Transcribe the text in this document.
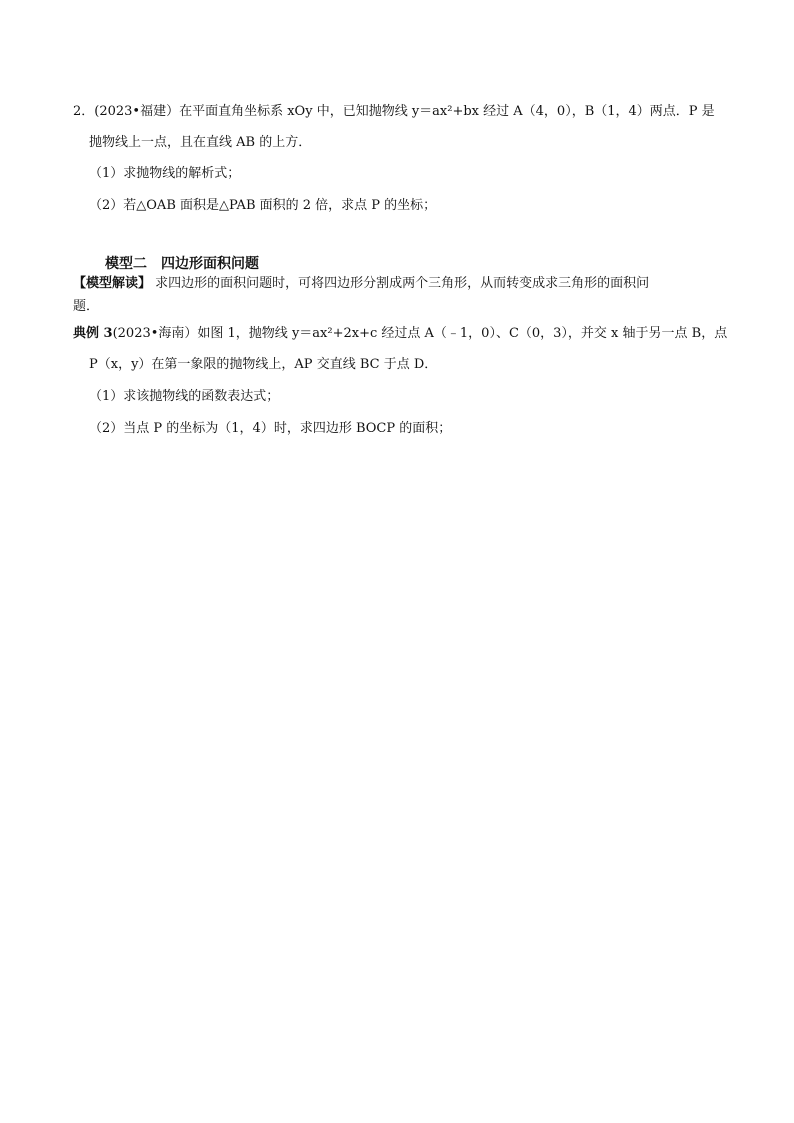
2．(2023•福建）在平面直角坐标系 xOy 中，已知抛物线 y＝ax²+bx 经过 A（4，0），B（1，4）两点．P 是
抛物线上一点，且在直线 AB 的上方．
（1）求抛物线的解析式；
（2）若△OAB 面积是△PAB 面积的 2 倍，求点 P 的坐标；
模型二　四边形面积问题
【模型解读】 求四边形的面积问题时，可将四边形分割成两个三角形，从而转变成求三角形的面积问
题．
典例 3(2023•海南）如图 1，抛物线 y＝ax²+2x+c 经过点 A（﹣1，0）、C（0，3），并交 x 轴于另一点 B，点
P（x，y）在第一象限的抛物线上，AP 交直线 BC 于点 D．
（1）求该抛物线的函数表达式；
（2）当点 P 的坐标为（1，4）时，求四边形 BOCP 的面积；
